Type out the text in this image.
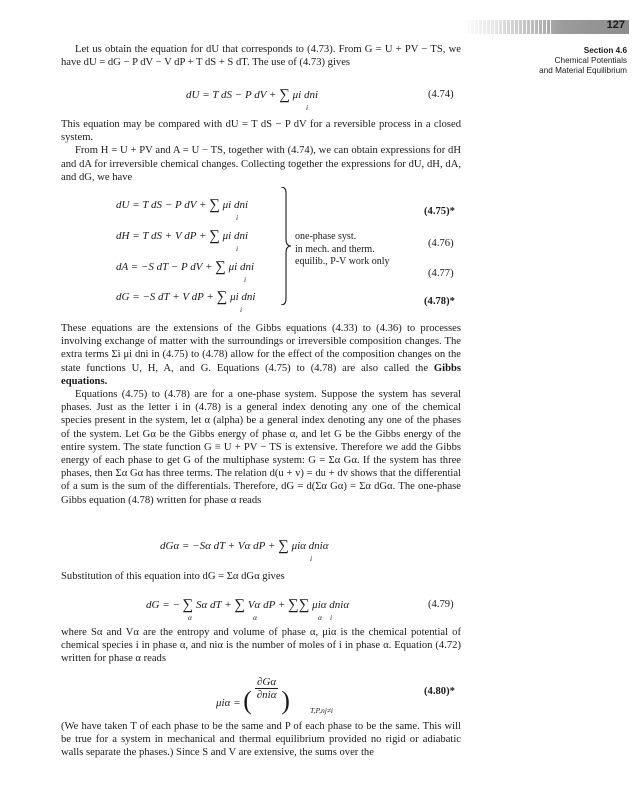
127
Section 4.6
Chemical Potentials
and Material Equilibrium

Let us obtain the equation for dU that corresponds to (4.73). From G = U + PV − TS, we have dU = dG − P dV − V dP + T dS + S dT. The use of (4.73) gives

dU = T dS − P dV + ∑ μi dni
i
(4.74)

This equation may be compared with dU = T dS − P dV for a reversible process in a closed system.

From H = U + PV and A = U − TS, together with (4.74), we can obtain expressions for dH and dA for irreversible chemical changes. Collecting together the expressions for dU, dH, dA, and dG, we have

dU = T dS − P dV + ∑ μi dni
i
(4.75)*
dH = T dS + V dP + ∑ μi dni
i	(4.76)
dA = −S dT − P dV + ∑ μi dni
i
(4.77)
dG = −S dT + V dP + ∑ μi dni
i
(4.78)*
one-phase syst.
in mech. and therm.
equilib., P-V work only

These equations are the extensions of the Gibbs equations (4.33) to (4.36) to processes involving exchange of matter with the surroundings or irreversible composition changes. The extra terms Σi μi dni in (4.75) to (4.78) allow for the effect of the composition changes on the state functions U, H, A, and G. Equations (4.75) to (4.78) are also called the Gibbs equations.

Equations (4.75) to (4.78) are for a one-phase system. Suppose the system has several phases. Just as the letter i in (4.78) is a general index denoting any one of the chemical species present in the system, let α (alpha) be a general index denoting any one of the phases of the system. Let Gα be the Gibbs energy of phase α, and let G be the Gibbs energy of the entire system. The state function G ≡ U + PV − TS is extensive. Therefore we add the Gibbs energy of each phase to get G of the multiphase system: G = Σα Gα. If the system has three phases, then Σα Gα has three terms. The relation d(u + v) = du + dv shows that the differential of a sum is the sum of the differentials. Therefore, dG = d(Σα Gα) = Σα dGα. The one-phase Gibbs equation (4.78) written for phase α reads

dGα = −Sα dT + Vα dP + ∑ μiα dniα
i

Substitution of this equation into dG = Σα dGα gives

dG = − ∑ Sα dT + ∑ Vα dP + ∑∑ μiα dniα
α	α	α i
(4.79)

where Sα and Vα are the entropy and volume of phase α, μiα is the chemical potential of chemical species i in phase α, and niα is the number of moles of i in phase α. Equation (4.72) written for phase α reads

μiα = (
∂Gα
∂niα )	T,P,nj≠i
(4.80)*

(We have taken T of each phase to be the same and P of each phase to be the same. This will be true for a system in mechanical and thermal equilibrium provided no rigid or adiabatic walls separate the phases.) Since S and V are extensive, the sums over the
